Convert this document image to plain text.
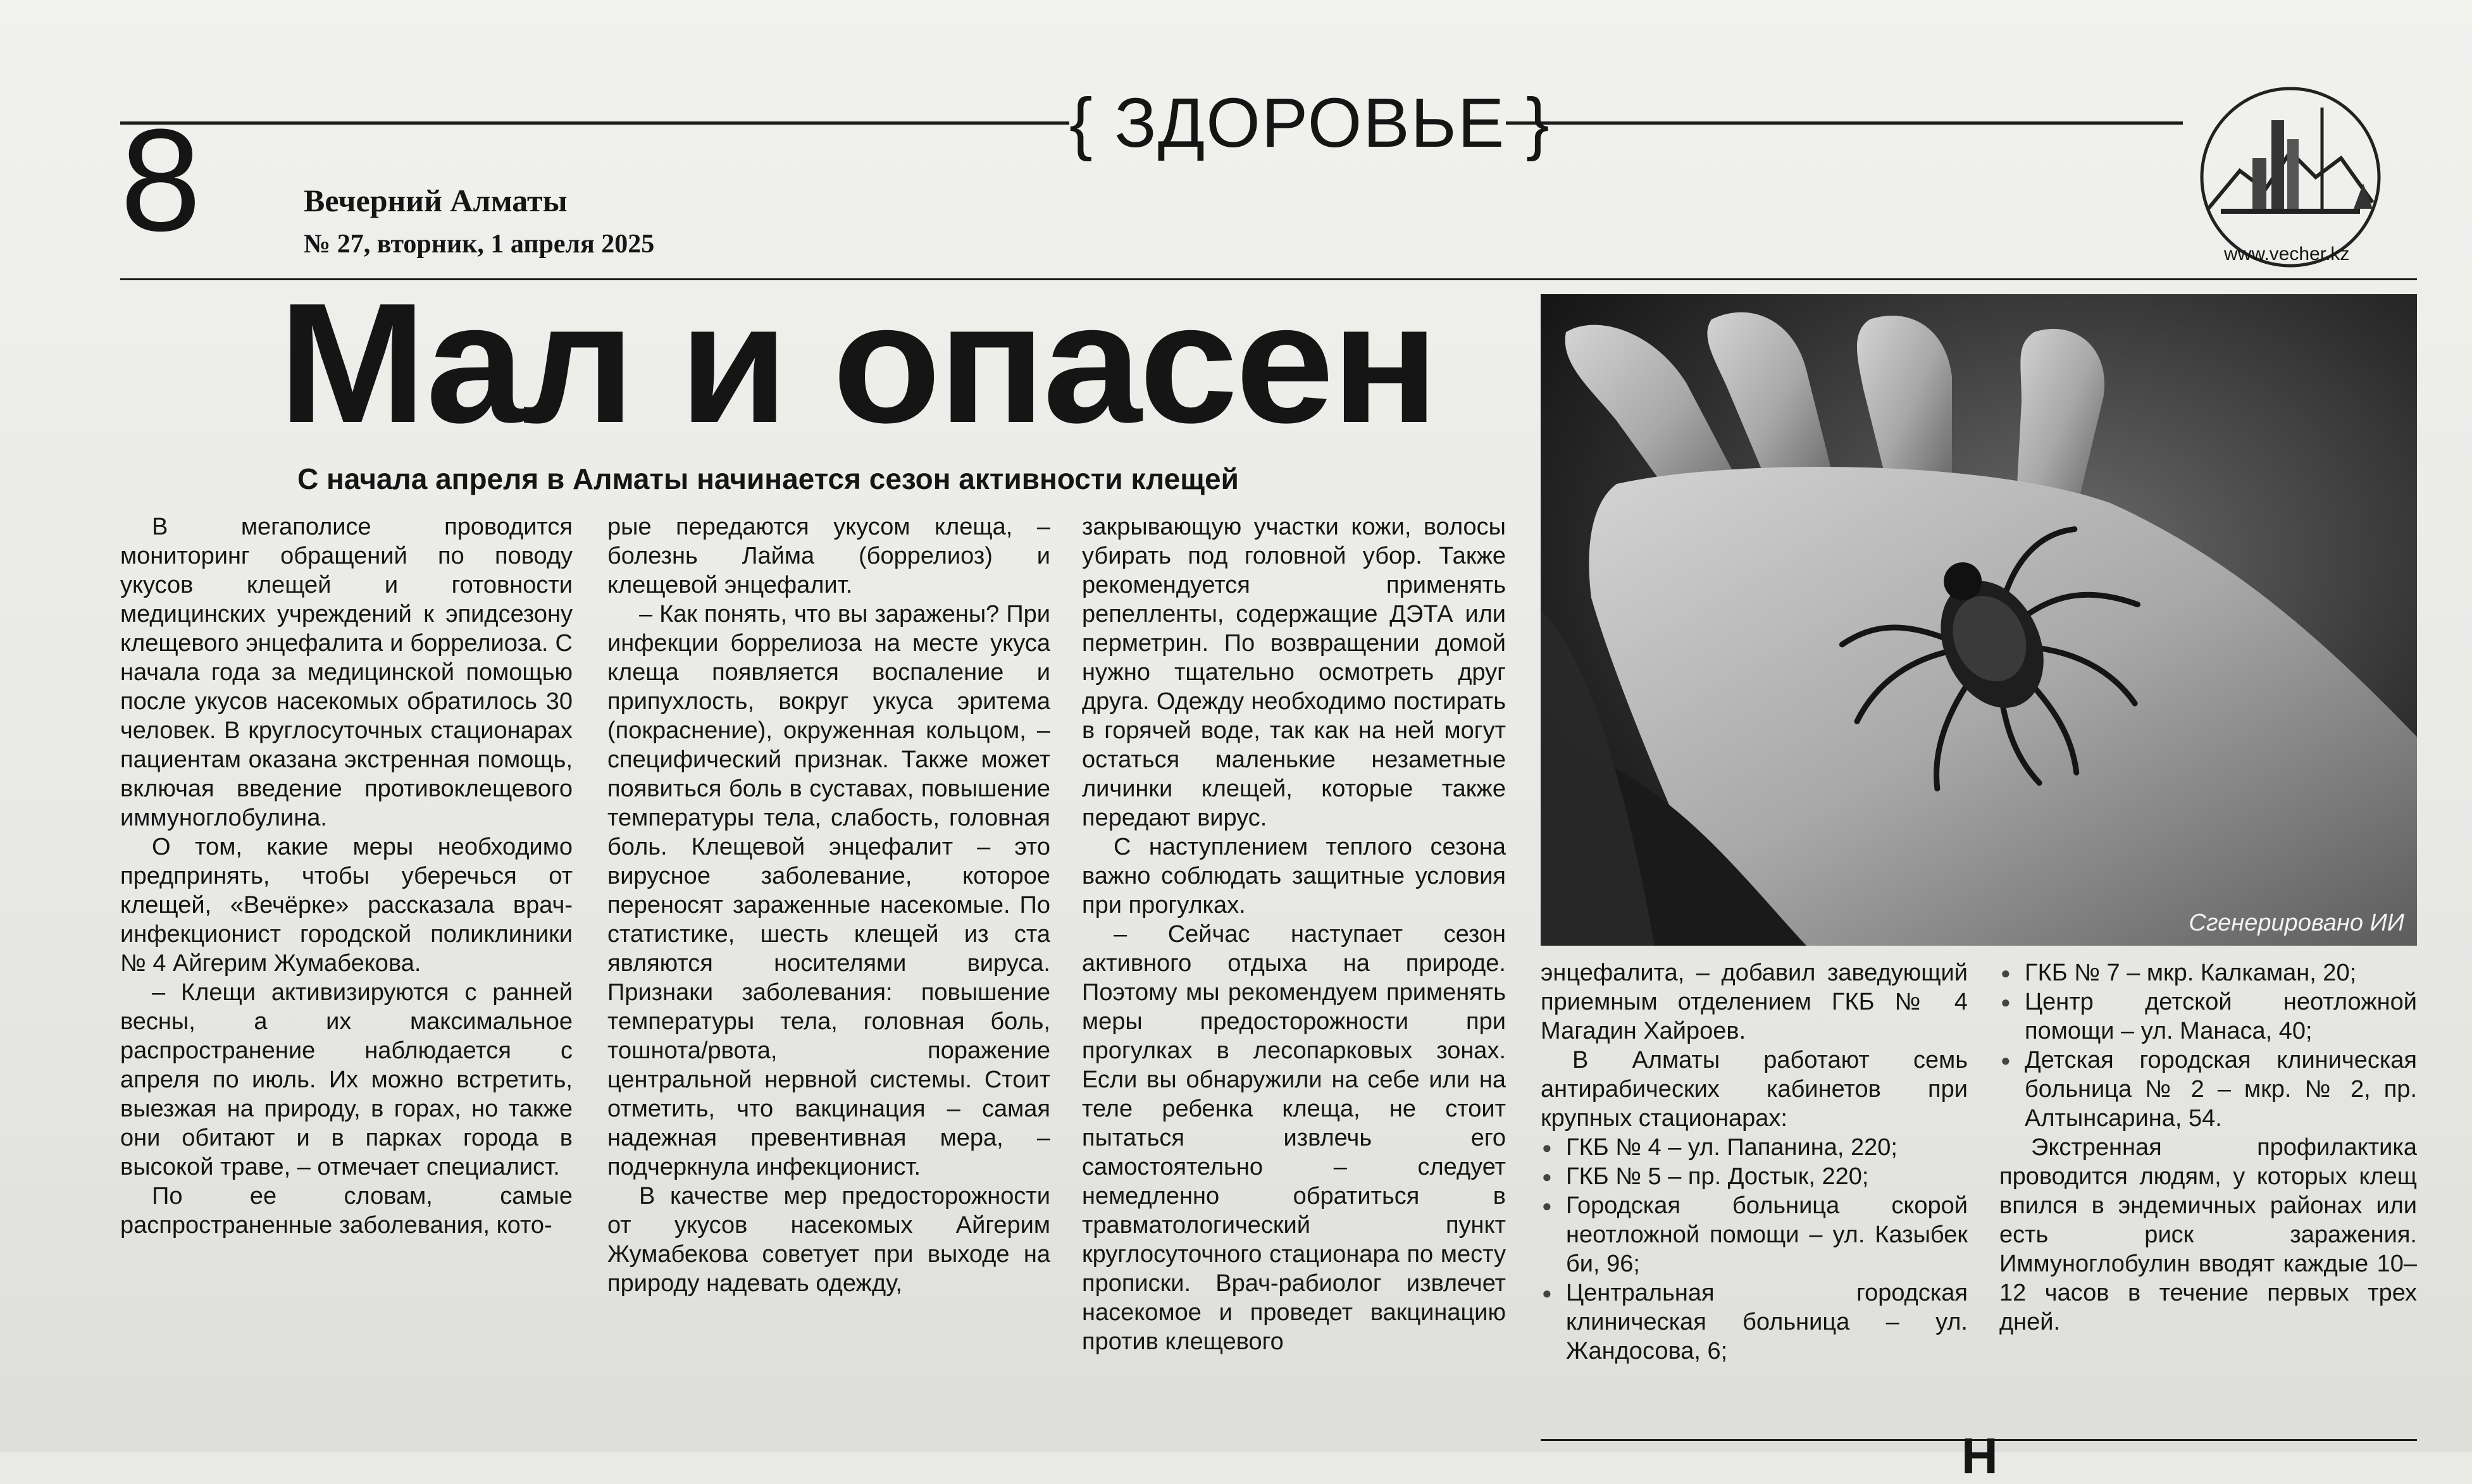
8	Вечерний Алматы
№ 27, вторник, 1 апреля 2025
{ ЗДОРОВЬЕ }
www.vecher.kz
Мал и опасен
С начала апреля в Алматы начинается сезон активности клещей

В мегаполисе проводится мониторинг обращений по поводу укусов клещей и готовности медицинских учреждений к эпидсезону клещевого энцефалита и боррелиоза. С начала года за медицинской помощью после укусов насекомых обратилось 30 человек. В круглосуточных стационарах пациентам оказана экстренная помощь, включая введение противоклещевого иммуноглобулина.

О том, какие меры необходимо предпринять, чтобы уберечься от клещей, «Вечёрке» рассказала врач-инфекционист городской поликлиники № 4 Айгерим Жумабекова.

– Клещи активизируются с ранней весны, а их максимальное распространение наблюдается с апреля по июль. Их можно встретить, выезжая на природу, в горах, но также они обитают и в парках города в высокой траве, – отмечает специалист.

По ее словам, самые распространенные заболевания, кото-

рые передаются укусом клеща, – болезнь Лайма (боррелиоз) и клещевой энцефалит.

– Как понять, что вы заражены? При инфекции боррелиоза на месте укуса клеща появляется воспаление и припухлость, вокруг укуса эритема (покраснение), окруженная кольцом, – специфический признак. Также может появиться боль в суставах, повышение температуры тела, слабость, головная боль. Клещевой энцефалит – это вирусное заболевание, которое переносят зараженные насекомые. По статистике, шесть клещей из ста являются носителями вируса. Признаки заболевания: повышение температуры тела, головная боль, тошнота/рвота, поражение центральной нервной системы. Стоит отметить, что вакцинация – самая надежная превентивная мера, – подчеркнула инфекционист.

В качестве мер предосторожности от укусов насекомых Айгерим Жумабекова советует при выходе на природу надевать одежду,

закрывающую участки кожи, волосы убирать под головной убор. Также рекомендуется применять репелленты, содержащие ДЭТА или перметрин. По возвращении домой нужно тщательно осмотреть друг друга. Одежду необходимо постирать в горячей воде, так как на ней могут остаться маленькие незаметные личинки клещей, которые также передают вирус.

С наступлением теплого сезона важно соблюдать защитные условия при прогулках.

– Сейчас наступает сезон активного отдыха на природе. Поэтому мы рекомендуем применять меры предосторожности при прогулках в лесопарковых зонах. Если вы обнаружили на себе или на теле ребенка клеща, не стоит пытаться извлечь его самостоятельно – следует немедленно обратиться в травматологический пункт круглосуточного стационара по месту прописки. Врач-рабиолог извлечет насекомое и проведет вакцинацию против клещевого

Сгенерировано ИИ

энцефалита, – добавил заведующий приемным отделением ГКБ № 4 Магадин Хайроев.

В Алматы работают семь антирабических кабинетов при крупных стационарах:

● ГКБ № 4 – ул. Папанина, 220;
● ГКБ № 5 – пр. Достык, 220;
● Городская больница скорой неотложной помощи – ул. Казыбек би, 96;
● Центральная городская клиническая больница – ул. Жандосова, 6;
● ГКБ № 7 – мкр. Калкаман, 20;
● Центр детской неотложной помощи – ул. Манаса, 40;
● Детская городская клиническая больница № 2 – мкр. № 2, пр. Алтынсарина, 54.

Экстренная профилактика проводится людям, у которых клещ впился в эндемичных районах или есть риск заражения. Иммуноглобулин вводят каждые 10–12 часов в течение первых трех дней.

Н
